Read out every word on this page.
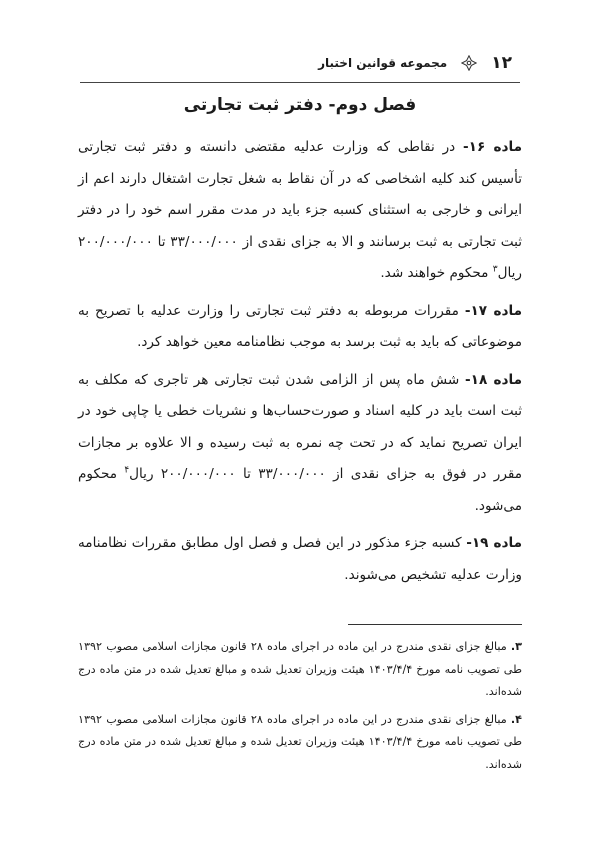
۱۲
مجموعه قوانین اختبار
فصل دوم- دفتر ثبت تجارتی

ماده ۱۶- در نقاطی که وزارت عدلیه مقتضی دانسته و دفتر ثبت تجارتی تأسیس کند کلیه اشخاصی که در آن نقاط به شغل تجارت اشتغال دارند اعم از ایرانی و خارجی به استثنای کسبه جزء باید در مدت مقرر اسم خود را در دفتر ثبت تجارتی به ثبت برسانند و الا به جزای نقدی از ۳۳/۰۰۰/۰۰۰ تا ۲۰۰/۰۰۰/۰۰۰ ریال$^۳$ محکوم خواهند شد.

ماده ۱۷- مقررات مربوطه به دفتر ثبت تجارتی را وزارت عدلیه با تصریح به موضوعاتی که باید به ثبت برسد به موجب نظامنامه معین خواهد کرد.

ماده ۱۸- شش ماه پس از الزامی شدن ثبت تجارتی هر تاجری که مکلف به ثبت است باید در کلیه اسناد و صورت‌حساب‌ها و نشریات خطی یا چاپی خود در ایران تصریح نماید که در تحت چه نمره به ثبت رسیده و الا علاوه بر مجازات مقرر در فوق به جزای نقدی از ۳۳/۰۰۰/۰۰۰ تا ۲۰۰/۰۰۰/۰۰۰ ریال$^۴$ محکوم می‌شود.

ماده ۱۹- کسبه جزء مذکور در این فصل و فصل اول مطابق مقررات نظامنامه وزارت عدلیه تشخیص می‌شوند.

۳. مبالغ جزای نقدی مندرج در این ماده در اجرای ماده ۲۸ قانون مجازات اسلامی مصوب ۱۳۹۲ طی تصویب نامه مورخ ۱۴۰۳/۴/۴ هیئت وزیران تعدیل شده و مبالغ تعدیل شده در متن ماده درج شده‌اند.

۴. مبالغ جزای نقدی مندرج در این ماده در اجرای ماده ۲۸ قانون مجازات اسلامی مصوب ۱۳۹۲ طی تصویب نامه مورخ ۱۴۰۳/۴/۴ هیئت وزیران تعدیل شده و مبالغ تعدیل شده در متن ماده درج شده‌اند.
